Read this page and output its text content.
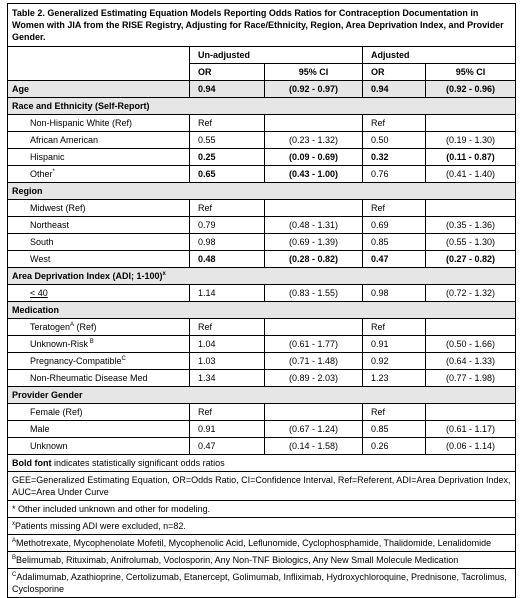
Table 2. Generalized Estimating Equation Models Reporting Odds Ratios for Contraception Documentation in Women with JIA from the RISE Registry, Adjusting for Race/Ethnicity, Region, Area Deprivation Index, and Provider Gender.				
	Un-adjusted		Adjusted	
	OR	95% CI	OR	95% CI
Age	0.94	(0.92 - 0.97)	0.94	(0.92 - 0.96)
Race and Ethnicity (Self-Report)				
Non-Hispanic White (Ref)	Ref		Ref	
African American	0.55	(0.23 - 1.32)	0.50	(0.19 - 1.30)
Hispanic	0.25	(0.09 - 0.69)	0.32	(0.11 - 0.87)
Other*	0.65	(0.43 - 1.00)	0.76	(0.41 - 1.40)
Region				
Midwest (Ref)	Ref		Ref	
Northeast	0.79	(0.48 - 1.31)	0.69	(0.35 - 1.36)
South	0.98	(0.69 - 1.39)	0.85	(0.55 - 1.30)
West	0.48	(0.28 - 0.82)	0.47	(0.27 - 0.82)
Area Deprivation Index (ADI; 1-100)$^x$
< 40	1.14	(0.83 - 1.55)	0.98	(0.72 - 1.32)
Medication				
Teratogen$^A$ (Ref)	Ref		Ref	
Unknown-Risk $^B$	1.04	(0.61 - 1.77)	0.91	(0.50 - 1.66)
Pregnancy-Compatible$^C$	1.03	(0.71 - 1.48)	0.92	(0.64 - 1.33)
Non-Rheumatic Disease Med	1.34	(0.89 - 2.03)	1.23	(0.77 - 1.98)
Provider Gender				
Female (Ref)	Ref		Ref	
Male	0.91	(0.67 - 1.24)	0.85	(0.61 - 1.17)
Unknown	0.47	(0.14 - 1.58)	0.26	(0.06 - 1.14)
Bold font indicates statistically significant odds ratios				
GEE=Generalized Estimating Equation, OR=Odds Ratio, CI=Confidence Interval, Ref=Referent, ADI=Area Deprivation Index, AUC=Area Under Curve				
* Other included unknown and other for modeling.				
$^x$Patients missing ADI were excluded, n=82.				
$^A$Methotrexate, Mycophenolate Mofetil, Mycophenolic Acid, Leflunomide, Cyclophosphamide, Thalidomide, Lenalidomide				
$^B$Belimumab, Rituximab, Anifrolumab, Voclosporin, Any Non-TNF Biologics, Any New Small Molecule Medication				
$^C$Adalimumab, Azathioprine, Certolizumab, Etanercept, Golimumab, Infliximab, Hydroxychloroquine, Prednisone, Tacrolimus, Cyclosporine				
